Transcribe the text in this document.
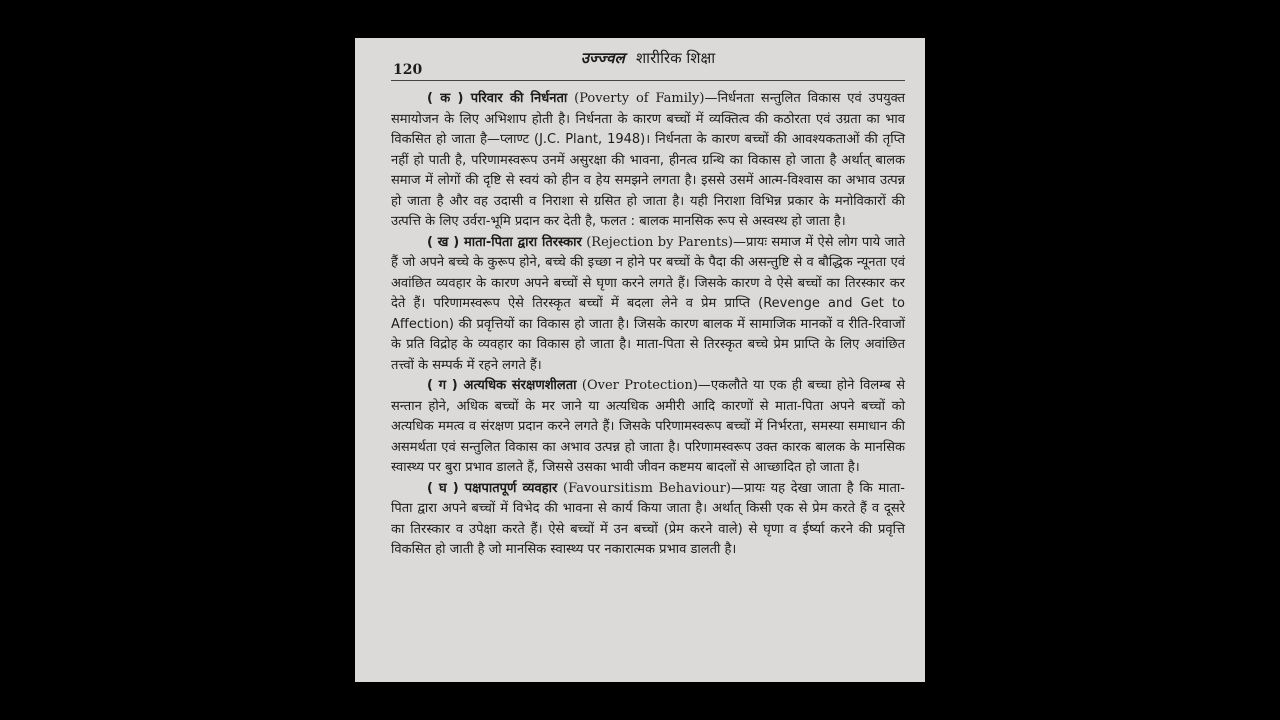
120
उज्ज्वल शारीरिक शिक्षा

( क ) परिवार की निर्धनता (Poverty of Family)—निर्धनता सन्तुलित विकास एवं उपयुक्त समायोजन के लिए अभिशाप होती है। निर्धनता के कारण बच्चों में व्यक्तित्व की कठोरता एवं उग्रता का भाव विकसित हो जाता है—प्लाण्ट (J.C. Plant, 1948)। निर्धनता के कारण बच्चों की आवश्यकताओं की तृप्ति नहीं हो पाती है, परिणामस्वरूप उनमें असुरक्षा की भावना, हीनत्व ग्रन्थि का विकास हो जाता है अर्थात् बालक समाज में लोगों की दृष्टि से स्वयं को हीन व हेय समझने लगता है। इससे उसमें आत्म-विश्वास का अभाव उत्पन्न हो जाता है और वह उदासी व निराशा से ग्रसित हो जाता है। यही निराशा विभिन्न प्रकार के मनोविकारों की उत्पत्ति के लिए उर्वरा-भूमि प्रदान कर देती है, फलत : बालक मानसिक रूप से अस्वस्थ हो जाता है।

( ख ) माता-पिता द्वारा तिरस्कार (Rejection by Parents)—प्रायः समाज में ऐसे लोग पाये जाते हैं जो अपने बच्चे के कुरूप होने, बच्चे की इच्छा न होने पर बच्चों के पैदा की असन्तुष्टि से व बौद्धिक न्यूनता एवं अवांछित व्यवहार के कारण अपने बच्चों से घृणा करने लगते हैं। जिसके कारण वे ऐसे बच्चों का तिरस्कार कर देते हैं। परिणामस्वरूप ऐसे तिरस्कृत बच्चों में बदला लेने व प्रेम प्राप्ति (Revenge and Get to Affection) की प्रवृत्तियों का विकास हो जाता है। जिसके कारण बालक में सामाजिक मानकों व रीति-रिवाजों के प्रति विद्रोह के व्यवहार का विकास हो जाता है। माता-पिता से तिरस्कृत बच्चे प्रेम प्राप्ति के लिए अवांछित तत्त्वों के सम्पर्क में रहने लगते हैं।

( ग ) अत्यधिक संरक्षणशीलता (Over Protection)—एकलौते या एक ही बच्चा होने विलम्ब से सन्तान होने, अधिक बच्चों के मर जाने या अत्यधिक अमीरी आदि कारणों से माता-पिता अपने बच्चों को अत्यधिक ममत्व व संरक्षण प्रदान करने लगते हैं। जिसके परिणामस्वरूप बच्चों में निर्भरता, समस्या समाधान की असमर्थता एवं सन्तुलित विकास का अभाव उत्पन्न हो जाता है। परिणामस्वरूप उक्त कारक बालक के मानसिक स्वास्थ्य पर बुरा प्रभाव डालते हैं, जिससे उसका भावी जीवन कष्टमय बादलों से आच्छादित हो जाता है।

( घ ) पक्षपातपूर्ण व्यवहार (Favoursitism Behaviour)—प्रायः यह देखा जाता है कि माता-पिता द्वारा अपने बच्चों में विभेद की भावना से कार्य किया जाता है। अर्थात् किसी एक से प्रेम करते हैं व दूसरे का तिरस्कार व उपेक्षा करते हैं। ऐसे बच्चों में उन बच्चों (प्रेम करने वाले) से घृणा व ईर्ष्या करने की प्रवृत्ति विकसित हो जाती है जो मानसिक स्वास्थ्य पर नकारात्मक प्रभाव डालती है।
